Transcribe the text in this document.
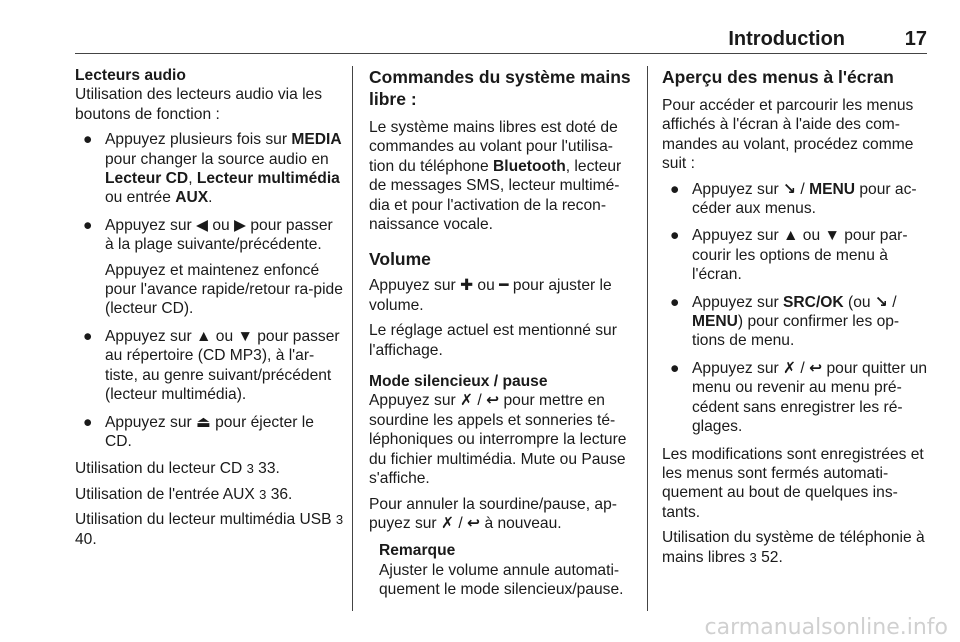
Introduction	17

Lecteurs audio

Utilisation des lecteurs audio via les boutons de fonction :

● Appuyez plusieurs fois sur MEDIA pour changer la source audio en Lecteur CD, Lecteur multimédia ou entrée AUX.
● Appuyez sur ◀ ou ▶ pour passer à la plage suivante/précédente.
Appuyez et maintenez enfoncé pour l'avance rapide/retour ra-pide (lecteur CD).
● Appuyez sur ▲ ou ▼ pour passer au répertoire (CD MP3), à l'ar-tiste, au genre suivant/précédent (lecteur multimédia).
● Appuyez sur ⏏ pour éjecter le CD.

Utilisation du lecteur CD 3 33.

Utilisation de l'entrée AUX 3 36.

Utilisation du lecteur multimédia USB 3 40.

Commandes du système mains libre :

Le système mains libres est doté de commandes au volant pour l'utilisa-tion du téléphone Bluetooth, lecteur de messages SMS, lecteur multimé-dia et pour l'activation de la recon-naissance vocale.

Volume

Appuyez sur ✚ ou ━ pour ajuster le volume.

Le réglage actuel est mentionné sur l'affichage.

Mode silencieux / pause

Appuyez sur ✗ / ↩ pour mettre en sourdine les appels et sonneries té-léphoniques ou interrompre la lecture du fichier multimédia. Mute ou Pause s'affiche.

Pour annuler la sourdine/pause, ap-puyez sur ✗ / ↩ à nouveau.

Remarque
Ajuster le volume annule automati-quement le mode silencieux/pause.

Aperçu des menus à l'écran

Pour accéder et parcourir les menus affichés à l'écran à l'aide des com-mandes au volant, procédez comme suit :

● Appuyez sur ↘ / MENU pour ac-céder aux menus.
● Appuyez sur ▲ ou ▼ pour par-courir les options de menu à l'écran.
● Appuyez sur SRC/OK (ou ↘ / MENU) pour confirmer les op-tions de menu.
● Appuyez sur ✗ / ↩ pour quitter un menu ou revenir au menu pré-cédent sans enregistrer les ré-glages.

Les modifications sont enregistrées et les menus sont fermés automati-quement au bout de quelques ins-tants.

Utilisation du système de téléphonie à mains libres 3 52.

carmanualsonline.info
